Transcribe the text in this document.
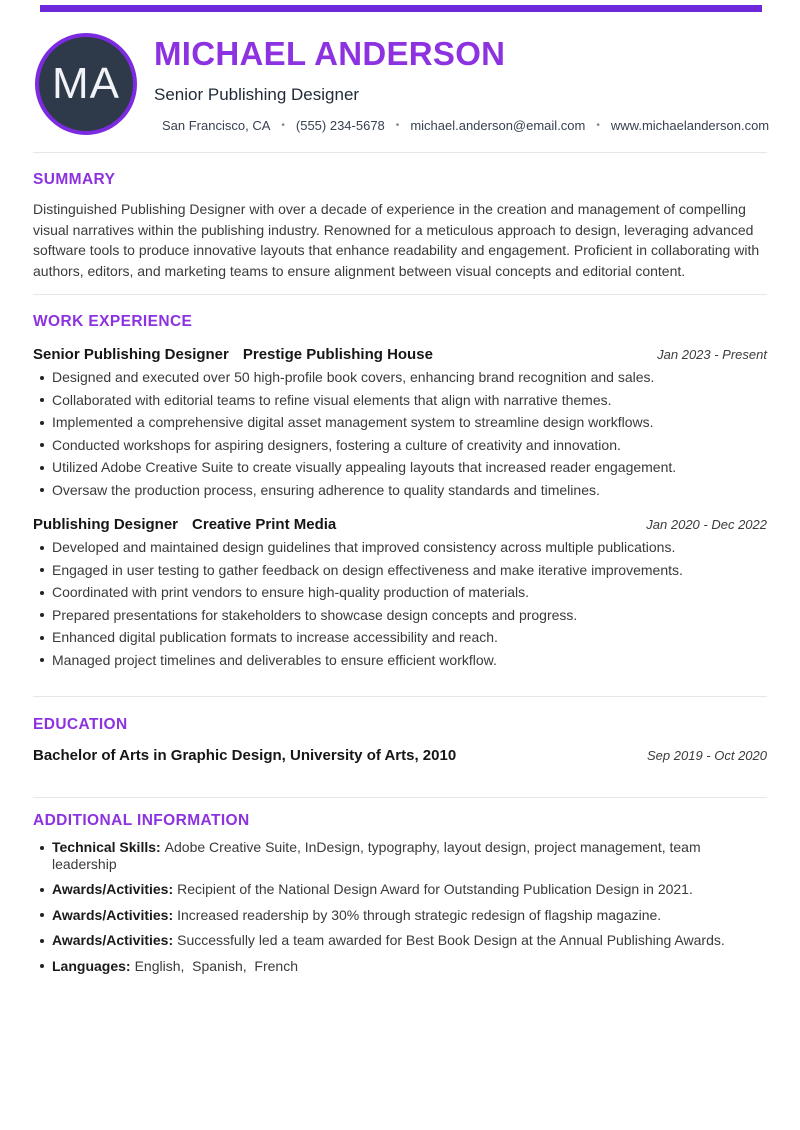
MA
MICHAEL ANDERSON
Senior Publishing Designer
San Francisco, CA • (555) 234-5678 • michael.anderson@email.com • www.michaelanderson.com
SUMMARY

Distinguished Publishing Designer with over a decade of experience in the creation and management of compelling visual narratives within the publishing industry. Renowned for a meticulous approach to design, leveraging advanced software tools to produce innovative layouts that enhance readability and engagement. Proficient in collaborating with authors, editors, and marketing teams to ensure alignment between visual concepts and editorial content.

WORK EXPERIENCE
Senior Publishing Designer Prestige Publishing House	Jan 2023 - Present
Designed and executed over 50 high-profile book covers, enhancing brand recognition and sales.
Collaborated with editorial teams to refine visual elements that align with narrative themes.
Implemented a comprehensive digital asset management system to streamline design workflows.
Conducted workshops for aspiring designers, fostering a culture of creativity and innovation.
Utilized Adobe Creative Suite to create visually appealing layouts that increased reader engagement.
Oversaw the production process, ensuring adherence to quality standards and timelines.
Publishing Designer Creative Print Media	Jan 2020 - Dec 2022
Developed and maintained design guidelines that improved consistency across multiple publications.
Engaged in user testing to gather feedback on design effectiveness and make iterative improvements.
Coordinated with print vendors to ensure high-quality production of materials.
Prepared presentations for stakeholders to showcase design concepts and progress.
Enhanced digital publication formats to increase accessibility and reach.
Managed project timelines and deliverables to ensure efficient workflow.
EDUCATION
Bachelor of Arts in Graphic Design, University of Arts, 2010	Sep 2019 - Oct 2020
ADDITIONAL INFORMATION
Technical Skills: Adobe Creative Suite, InDesign, typography, layout design, project management, team leadership
Awards/Activities: Recipient of the National Design Award for Outstanding Publication Design in 2021.
Awards/Activities: Increased readership by 30% through strategic redesign of flagship magazine.
Awards/Activities: Successfully led a team awarded for Best Book Design at the Annual Publishing Awards.
Languages: English,  Spanish,  French
